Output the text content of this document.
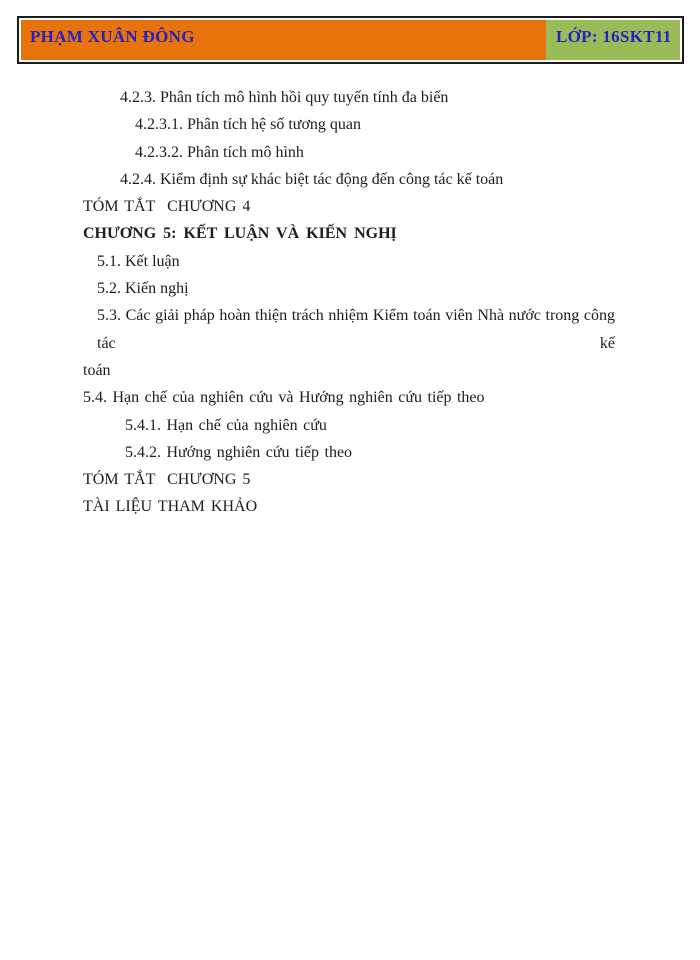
PHẠM XUÂN ĐÔNG	LỚP: 16SKT11
4.2.3. Phân tích mô hình hồi quy tuyến tính đa biến
4.2.3.1. Phân tích hệ số tương quan
4.2.3.2. Phân tích mô hình
4.2.4. Kiểm định sự khác biệt tác động đến công tác kế toán
TÓM TẮT  CHƯƠNG 4
CHƯƠNG 5: KẾT LUẬN VÀ KIẾN NGHỊ
5.1. Kết luận
5.2. Kiến nghị
5.3. Các giải pháp hoàn thiện trách nhiệm Kiểm toán viên Nhà nước trong công tác kế
toán
5.4. Hạn chế của nghiên cứu và Hướng nghiên cứu tiếp theo
5.4.1. Hạn chế của nghiên cứu
5.4.2. Hướng nghiên cứu tiếp theo
TÓM TẮT  CHƯƠNG 5
TÀI LIỆU THAM KHẢO
